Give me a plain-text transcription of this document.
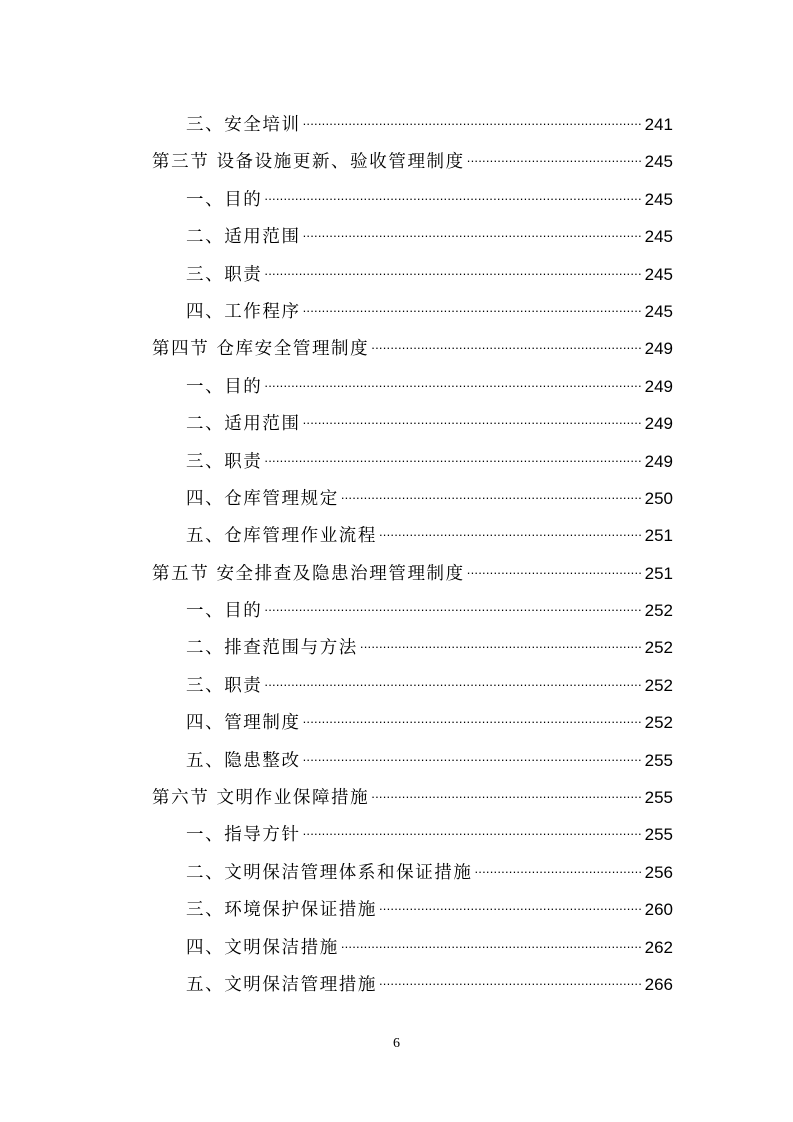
三、安全培训 .....	241
第三节 设备设施更新、验收管理制度 .....	245
一、目的 .....	245
二、适用范围 .....	245
三、职责 .....	245
四、工作程序 .....	245
第四节 仓库安全管理制度 .....	249
一、目的 .....	249
二、适用范围 .....	249
三、职责 .....	249
四、仓库管理规定 .....	250
五、仓库管理作业流程 .....	251
第五节 安全排查及隐患治理管理制度 .....	251
一、目的 .....	252
二、排查范围与方法 .....	252
三、职责 .....	252
四、管理制度 .....	252
五、隐患整改 .....	255
第六节 文明作业保障措施 .....	255
一、指导方针 .....	255
二、文明保洁管理体系和保证措施 .....	256
三、环境保护保证措施 .....	260
四、文明保洁措施 .....	262
五、文明保洁管理措施 .....	266
6
